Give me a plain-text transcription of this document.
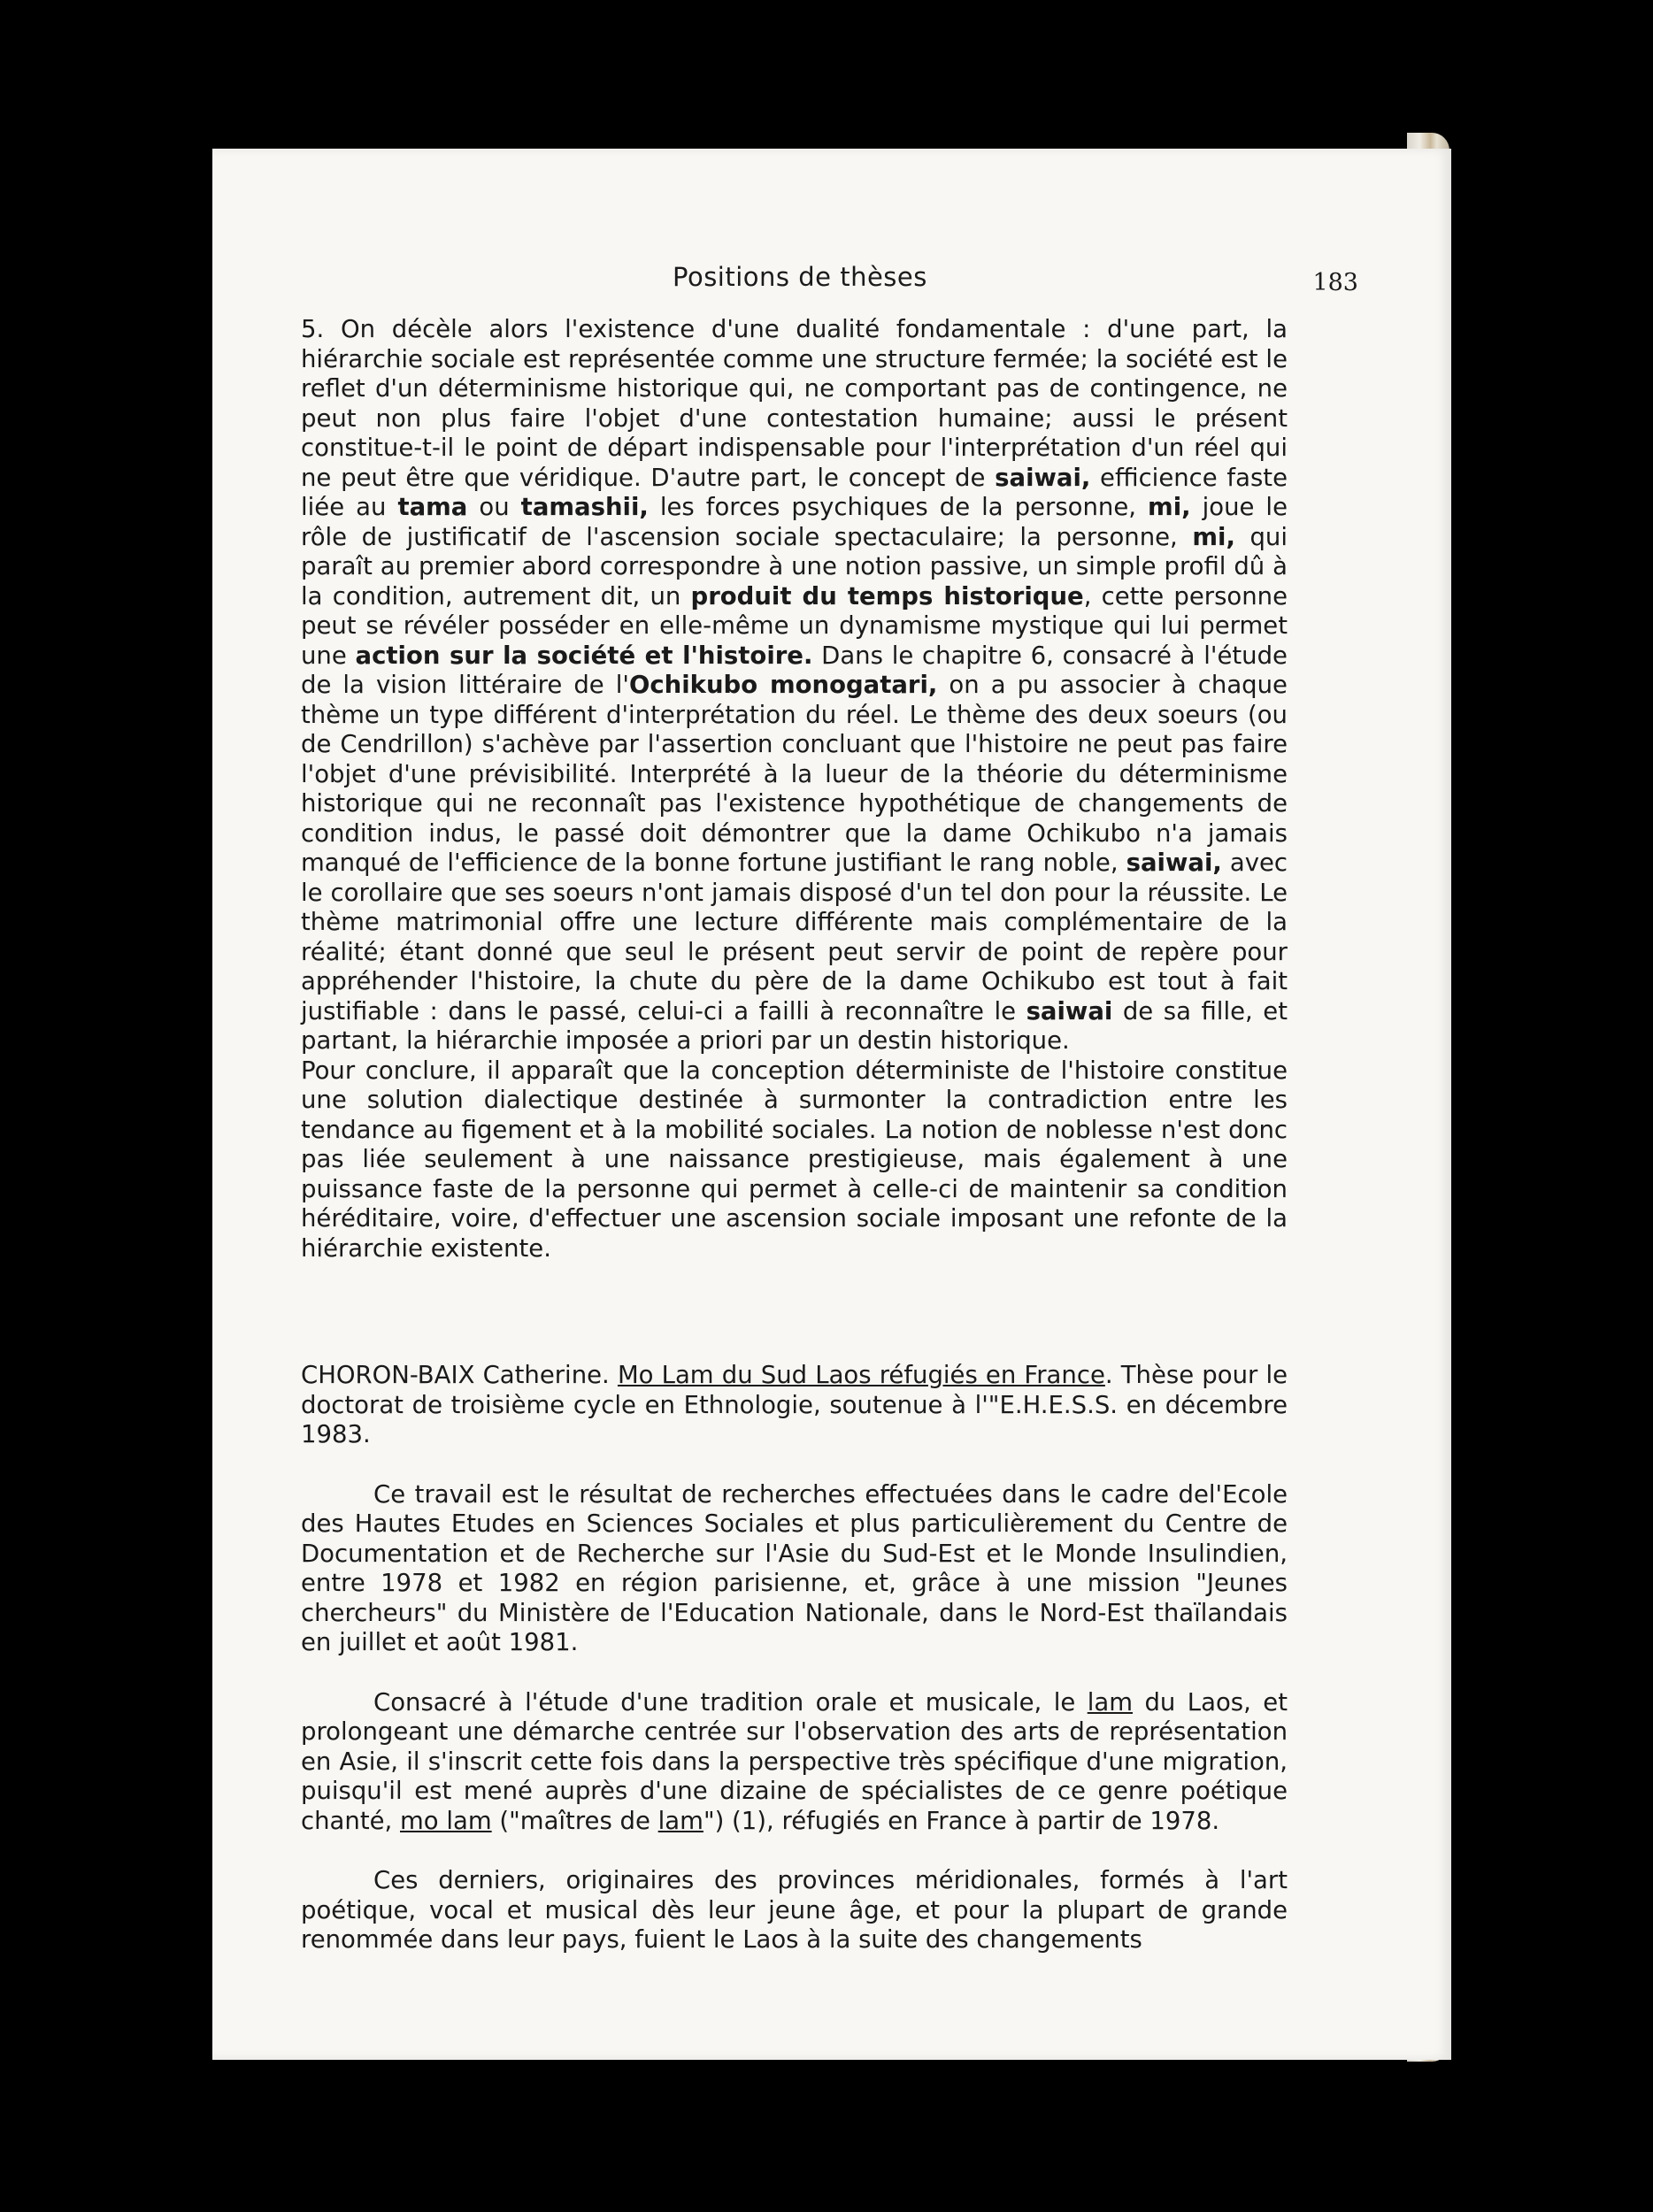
Positions de thèses	183

5. On décèle alors l'existence d'une dualité fondamentale : d'une part, la hiérarchie sociale est représentée comme une structure fermée; la société est le reflet d'un déterminisme historique qui, ne comportant pas de contingence, ne peut non plus faire l'objet d'une contestation humaine; aussi le présent constitue-t-il le point de départ indispensable pour l'interprétation d'un réel qui ne peut être que véridique. D'autre part, le concept de saiwai, efficience faste liée au tama ou tamashii, les forces psychiques de la personne, mi, joue le rôle de justificatif de l'ascension sociale spectaculaire; la personne, mi, qui paraît au premier abord correspondre à une notion passive, un simple profil dû à la condition, autrement dit, un produit du temps historique, cette personne peut se révéler posséder en elle-même un dynamisme mystique qui lui permet une action sur la société et l'histoire. Dans le chapitre 6, consacré à l'étude de la vision littéraire de l'Ochikubo monogatari, on a pu associer à chaque thème un type différent d'interprétation du réel. Le thème des deux soeurs (ou de Cendrillon) s'achève par l'assertion concluant que l'histoire ne peut pas faire l'objet d'une prévisibilité. Interprété à la lueur de la théorie du déterminisme historique qui ne reconnaît pas l'existence hypothétique de changements de condition indus, le passé doit démontrer que la dame Ochikubo n'a jamais manqué de l'efficience de la bonne fortune justifiant le rang noble, saiwai, avec le corollaire que ses soeurs n'ont jamais disposé d'un tel don pour la réussite. Le thème matrimonial offre une lecture différente mais complémentaire de la réalité; étant donné que seul le présent peut servir de point de repère pour appréhender l'histoire, la chute du père de la dame Ochikubo est tout à fait justifiable : dans le passé, celui-ci a failli à reconnaître le saiwai de sa fille, et partant, la hiérarchie imposée a priori par un destin historique.

Pour conclure, il apparaît que la conception déterministe de l'histoire constitue une solution dialectique destinée à surmonter la contradiction entre les tendance au figement et à la mobilité sociales. La notion de noblesse n'est donc pas liée seulement à une naissance prestigieuse, mais également à une puissance faste de la personne qui permet à celle-ci de maintenir sa condition héréditaire, voire, d'effectuer une ascension sociale imposant une refonte de la hiérarchie existente.

CHORON-BAIX Catherine. Mo Lam du Sud Laos réfugiés en France. Thèse pour le doctorat de troisième cycle en Ethnologie, soutenue à l'"E.H.E.S.S. en décembre 1983.

Ce travail est le résultat de recherches effectuées dans le cadre del'Ecole des Hautes Etudes en Sciences Sociales et plus particulièrement du Centre de Documentation et de Recherche sur l'Asie du Sud-Est et le Monde Insulindien, entre 1978 et 1982 en région parisienne, et, grâce à une mission "Jeunes chercheurs" du Ministère de l'Education Nationale, dans le Nord-Est thaïlandais en juillet et août 1981.

Consacré à l'étude d'une tradition orale et musicale, le lam du Laos, et prolongeant une démarche centrée sur l'observation des arts de représentation en Asie, il s'inscrit cette fois dans la perspective très spécifique d'une migration, puisqu'il est mené auprès d'une dizaine de spécialistes de ce genre poétique chanté, mo lam ("maîtres de lam") (1), réfugiés en France à partir de 1978.

Ces derniers, originaires des provinces méridionales, formés à l'art poétique, vocal et musical dès leur jeune âge, et pour la plupart de grande renommée dans leur pays, fuient le Laos à la suite des changements
